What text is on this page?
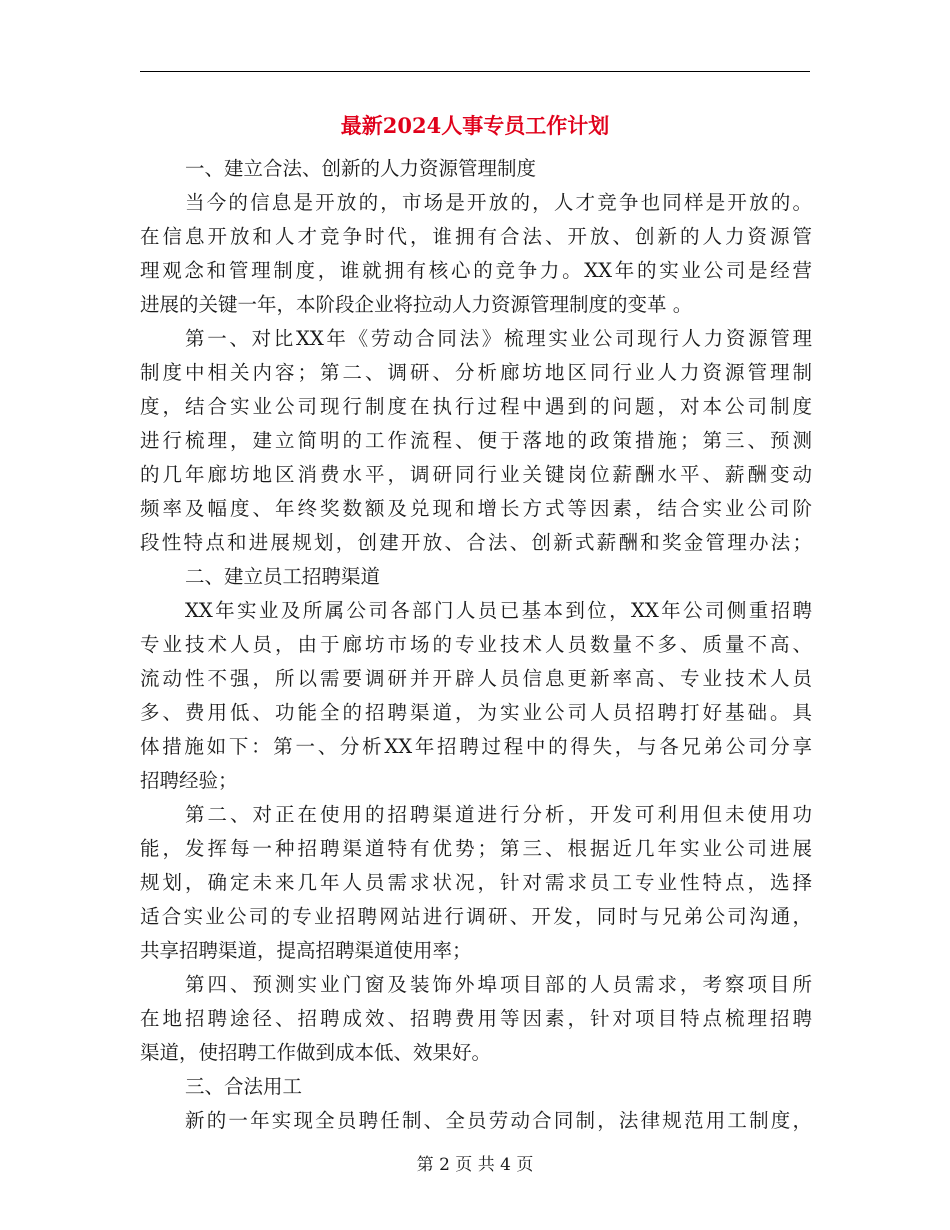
最新2024人事专员工作计划
一、建立合法、创新的人力资源管理制度
当今的信息是开放的，市场是开放的，人才竞争也同样是开放的。
在信息开放和人才竞争时代，谁拥有合法、开放、创新的人力资源管
理观念和管理制度，谁就拥有核心的竞争力。XX年的实业公司是经营
进展的关键一年，本阶段企业将拉动人力资源管理制度的变革 。
第一、对比XX年《劳动合同法》梳理实业公司现行人力资源管理
制度中相关内容；第二、调研、分析廊坊地区同行业人力资源管理制
度，结合实业公司现行制度在执行过程中遇到的问题，对本公司制度
进行梳理，建立简明的工作流程、便于落地的政策措施；第三、预测
的几年廊坊地区消费水平，调研同行业关键岗位薪酬水平、薪酬变动
频率及幅度、年终奖数额及兑现和增长方式等因素，结合实业公司阶
段性特点和进展规划，创建开放、合法、创新式薪酬和奖金管理办法；
二、建立员工招聘渠道
XX年实业及所属公司各部门人员已基本到位，XX年公司侧重招聘
专业技术人员，由于廊坊市场的专业技术人员数量不多、质量不高、
流动性不强，所以需要调研并开辟人员信息更新率高、专业技术人员
多、费用低、功能全的招聘渠道，为实业公司人员招聘打好基础。具
体措施如下：第一、分析XX年招聘过程中的得失，与各兄弟公司分享
招聘经验；
第二、对正在使用的招聘渠道进行分析，开发可利用但未使用功
能，发挥每一种招聘渠道特有优势；第三、根据近几年实业公司进展
规划，确定未来几年人员需求状况，针对需求员工专业性特点，选择
适合实业公司的专业招聘网站进行调研、开发，同时与兄弟公司沟通，
共享招聘渠道，提高招聘渠道使用率；
第四、预测实业门窗及装饰外埠项目部的人员需求，考察项目所
在地招聘途径、招聘成效、招聘费用等因素，针对项目特点梳理招聘
渠道，使招聘工作做到成本低、效果好。
三、合法用工
新的一年实现全员聘任制、全员劳动合同制，法律规范用工制度，
第 2 页 共 4 页
